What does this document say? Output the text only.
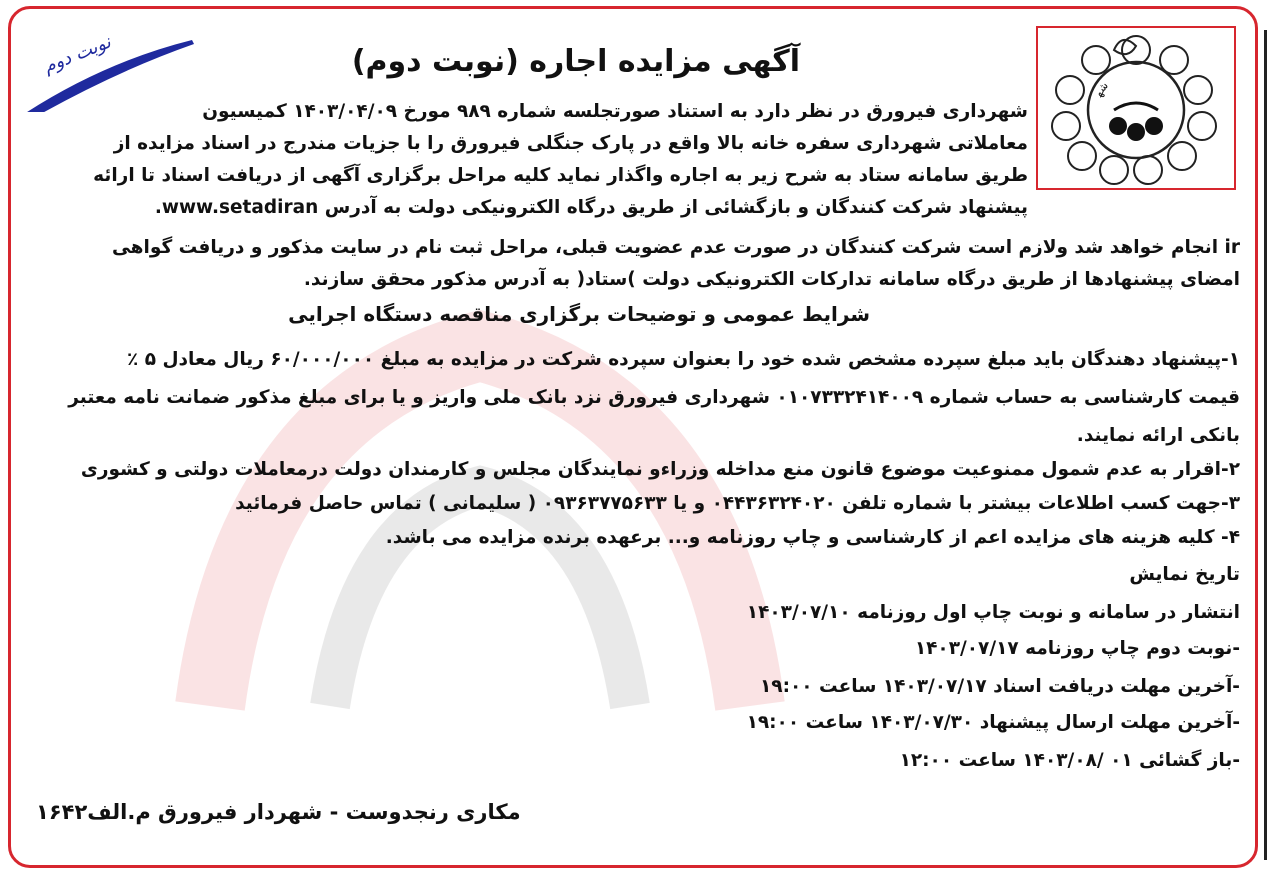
شه
نوبت دوم	آگهی مزایده اجاره (نوبت دوم)
شهرداری فیرورق در نظر دارد به استناد صورتجلسه شماره ۹۸۹ مورخ ۱۴۰۳/۰۴/۰۹ کمیسیون
معاملاتی شهرداری سفره خانه بالا واقع در پارک جنگلی فیرورق را با جزیات مندرج در اسناد مزایده از
طریق سامانه ستاد به شرح زیر به اجاره واگذار نماید کلیه مراحل برگزاری آگهی از دریافت اسناد تا ارائه
پیشنهاد شرکت کنندگان و بازگشائی از طریق درگاه الکترونیکی دولت به آدرس www.setadiran.
ir انجام خواهد شد ولازم است شرکت کنندگان در صورت عدم عضویت قبلی، مراحل ثبت نام در سایت مذکور و دریافت گواهی
امضای پیشنهادها از طریق درگاه سامانه تدارکات الکترونیکی دولت )ستاد( به آدرس مذکور محقق سازند.
شرایط عمومی و توضیحات برگزاری مناقصه دستگاه اجرایی
۱-پیشنهاد دهندگان باید مبلغ سپرده مشخص شده خود را بعنوان سپرده شرکت در مزایده به مبلغ ۶۰/۰۰۰/۰۰۰ ریال معادل ۵ ٪
قیمت کارشناسی به حساب شماره ۰۱۰۷۳۳۲۴۱۴۰۰۹ شهرداری فیرورق نزد بانک ملی واریز و یا برای مبلغ مذکور ضمانت نامه معتبر
بانکی ارائه نمایند.
۲-اقرار به عدم شمول ممنوعیت موضوع قانون منع مداخله وزراءو نمایندگان مجلس و کارمندان دولت درمعاملات دولتی و کشوری
۳-جهت کسب اطلاعات بیشتر با شماره تلفن ۰۴۴۳۶۳۲۴۰۲۰ و یا ۰۹۳۶۳۷۷۵۶۳۳ ( سلیمانی ) تماس حاصل فرمائید
۴- کلیه هزینه های مزایده اعم از کارشناسی و چاپ روزنامه و... برعهده برنده مزایده می باشد.
تاریخ نمایش
انتشار در سامانه و نوبت چاپ اول روزنامه ۱۴۰۳/۰۷/۱۰
-نوبت دوم چاپ روزنامه ۱۴۰۳/۰۷/۱۷
-آخرین مهلت دریافت اسناد ۱۴۰۳/۰۷/۱۷ ساعت ۱۹:۰۰
-آخرین مهلت ارسال پیشنهاد ۱۴۰۳/۰۷/۳۰ ساعت ۱۹:۰۰
-باز گشائی ۰۱ /۱۴۰۳/۰۸ ساعت ۱۲:۰۰
مکاری رنجدوست - شهردار فیرورق م.الف۱۶۴۲
